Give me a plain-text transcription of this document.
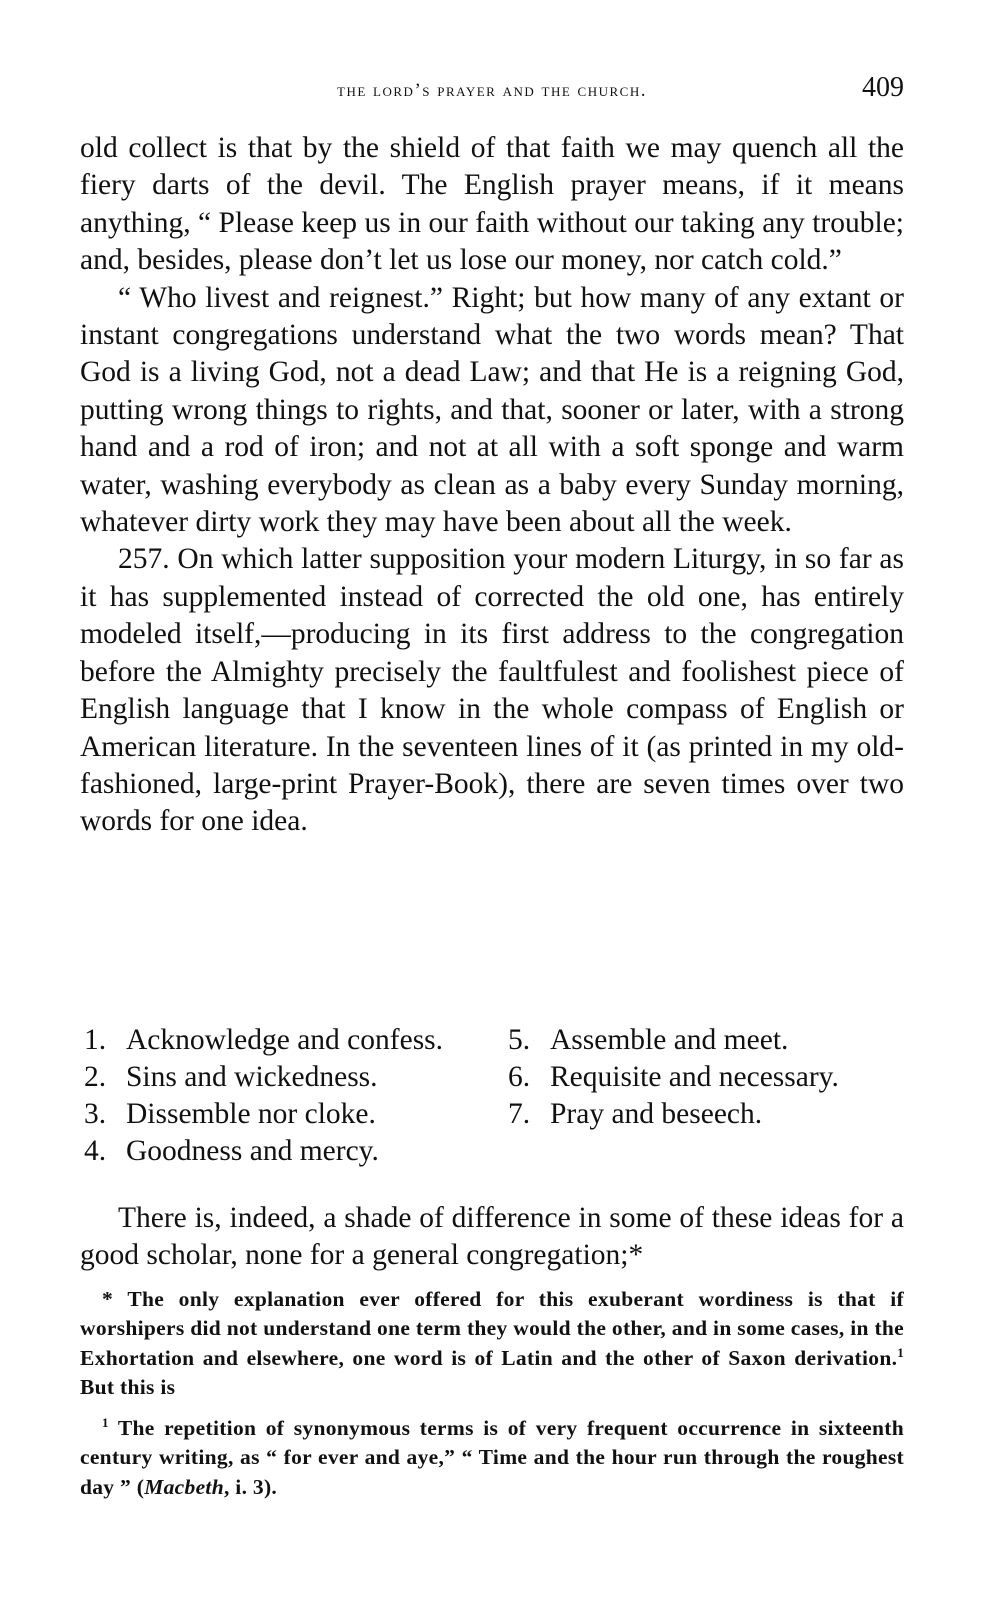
the lord’s prayer and the church.	409

old collect is that by the shield of that faith we may quench all the fiery darts of the devil. The English prayer means, if it means anything, “ Please keep us in our faith without our taking any trouble; and, besides, please don’t let us lose our money, nor catch cold.”

“ Who livest and reignest.” Right; but how many of any extant or instant congregations understand what the two words mean? That God is a living God, not a dead Law; and that He is a reigning God, putting wrong things to rights, and that, sooner or later, with a strong hand and a rod of iron; and not at all with a soft sponge and warm water, washing everybody as clean as a baby every Sunday morning, whatever dirty work they may have been about all the week.

257. On which latter supposition your modern Liturgy, in so far as it has supplemented instead of corrected the old one, has entirely modeled itself,—producing in its first address to the congregation before the Almighty precisely the faultfulest and foolishest piece of English language that I know in the whole compass of English or American literature. In the seventeen lines of it (as printed in my old-fashioned, large-print Prayer-Book), there are seven times over two words for one idea.

1. Acknowledge and confess.
2. Sins and wickedness.
3. Dissemble nor cloke.
4. Goodness and mercy.
5. Assemble and meet.
6. Requisite and necessary.
7. Pray and beseech.

There is, indeed, a shade of difference in some of these ideas for a good scholar, none for a general congregation;*

* The only explanation ever offered for this exuberant wordiness is that if worshipers did not understand one term they would the other, and in some cases, in the Exhortation and elsewhere, one word is of Latin and the other of Saxon derivation.$^1$ But this is
$^1$ The repetition of synonymous terms is of very frequent occurrence in sixteenth century writing, as “ for ever and aye,” “ Time and the hour run through the roughest day ” (Macbeth, i. 3).
